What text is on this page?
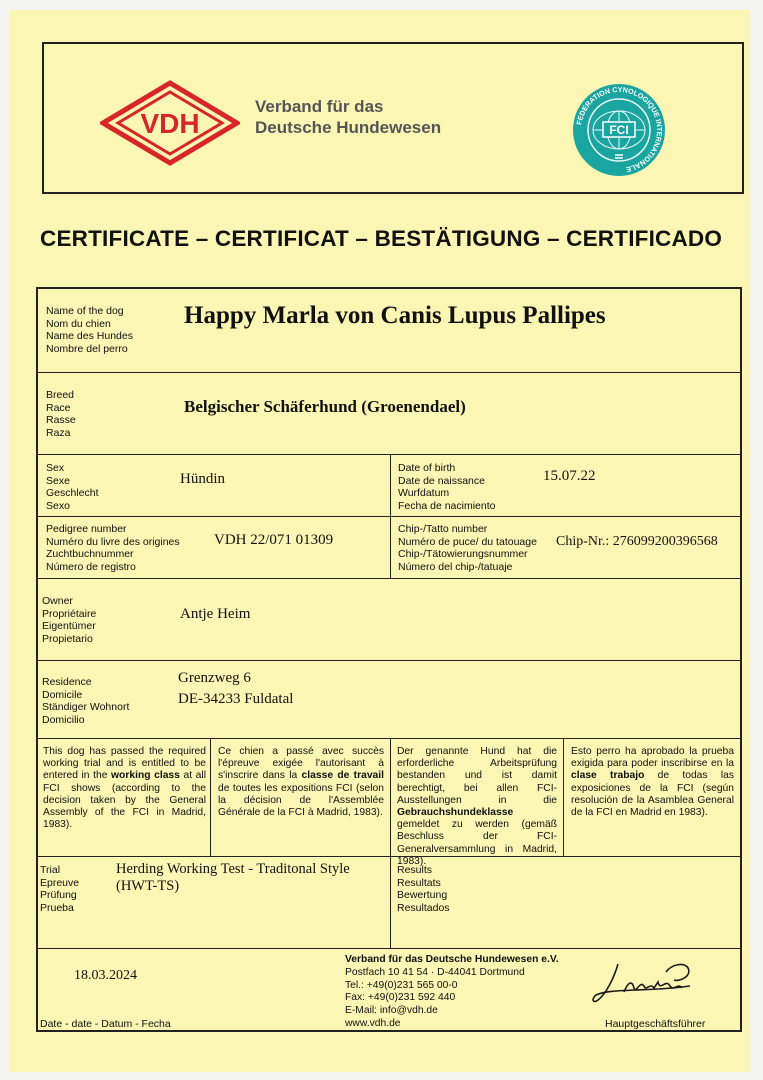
VDH
Verband für das
Deutsche Hundewesen	FEDERATION CYNOLOGIQUE INTERNATIONALE
FCI
CERTIFICATE – CERTIFICAT – BESTÄTIGUNG – CERTIFICADO
Name of the dog
Nom du chien
Name des Hundes
Nombre del perro
Happy Marla von Canis Lupus Pallipes
Breed
Race
Rasse
Raza
Belgischer Schäferhund (Groenendael)
Sex
Sexe
Geschlecht
Sexo
Hündin
Date of birth
Date de naissance
Wurfdatum
Fecha de nacimiento
15.07.22
Pedigree number
Numéro du livre des origines
Zuchtbuchnummer
Número de registro
VDH 22/071 01309
Chip-/Tatto number
Numéro de puce/ du tatouage
Chip-/Tätowierungsnummer
Número del chip-/tatuaje
Chip-Nr.: 276099200396568
Owner
Propriétaire
Eigentümer
Propietario
Antje Heim
Residence
Domicile
Ständiger Wohnort
Domicilio
Grenzweg 6
DE-34233 Fuldatal
This dog has passed the required working trial and is entitled to be entered in the working class at all FCI shows (according to the decision taken by the General Assembly of the FCI in Madrid, 1983).
Ce chien a passé avec succès l'épreuve exigée l'autorisant à s'inscrire dans la classe de travail de toutes les expositions FCI (selon la décision de l'Assemblée Générale de la FCI à Madrid, 1983).
Der genannte Hund hat die erforderliche Arbeitsprüfung bestanden und ist damit berechtigt, bei allen FCI-Ausstellungen in die Gebrauchshundeklasse gemeldet zu werden (gemäß Beschluss der FCI-Generalversammlung in Madrid, 1983).
Esto perro ha aprobado la prueba exigida para poder inscribirse en la clase trabajo de todas las exposiciones de la FCI (según resolución de la Asamblea General de la FCI en Madrid en 1983).
Trial
Epreuve
Prüfung
Prueba
Herding Working Test - Traditonal Style
(HWT-TS)
Results
Resultats
Bewertung
Resultados
18.03.2024
Date - date - Datum - Fecha
Verband für das Deutsche Hundewesen e.V.
Postfach 10 41 54 · D-44041 Dortmund
Tel.: +49(0)231 565 00-0
Fax: +49(0)231 592 440
E-Mail: info@vdh.de
www.vdh.de	Hauptgeschäftsführer
